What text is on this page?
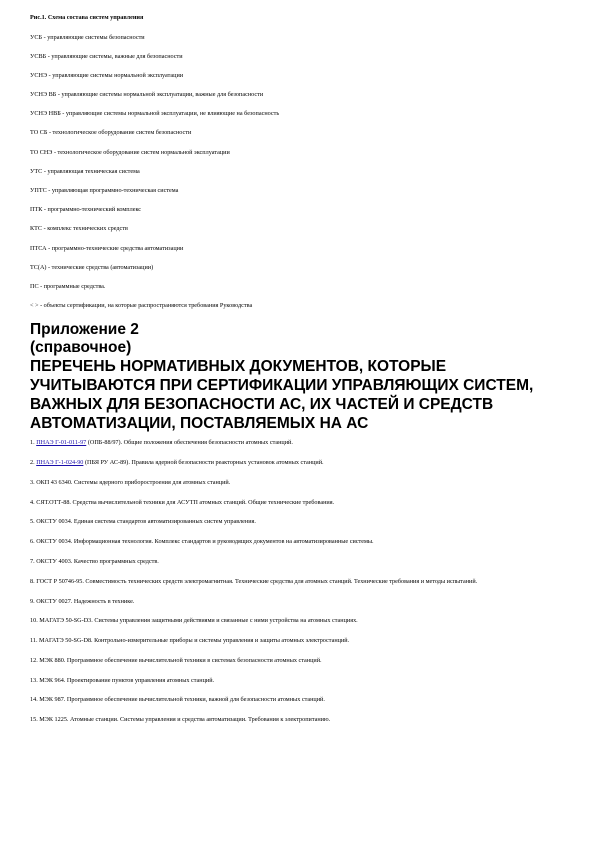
Рис.1. Схема состава систем управления
УСБ - управляющие системы безопасности
УСВБ - управляющие системы, важные для безопасности
УСНЭ - управляющие системы нормальной эксплуатации
УСНЭ ВБ - управляющие системы нормальной эксплуатации, важные для безопасности
УСНЭ НВБ - управляющие системы нормальной эксплуатации, не влияющие на безопасность
ТО СБ - технологическое оборудование систем безопасности
ТО СНЭ - технологическое оборудование систем нормальной эксплуатации
УТС - управляющая техническая система
УПТС - управляющая программно-техническая система
ПТК - программно-технический комплекс
КТС - комплекс технических средств
ПТСА - программно-технические средства автоматизации
ТС(А) - технические средства (автоматизации)
ПС - программные средства.
< > - объекты сертификации, на которые распространяются требования Руководства
Приложение 2
(справочное)
ПЕРЕЧЕНЬ НОРМАТИВНЫХ ДОКУМЕНТОВ, КОТОРЫЕ УЧИТЫВАЮТСЯ ПРИ СЕРТИФИКАЦИИ УПРАВЛЯЮЩИХ СИСТЕМ, ВАЖНЫХ ДЛЯ БЕЗОПАСНОСТИ АС, ИХ ЧАСТЕЙ И СРЕДСТВ АВТОМАТИЗАЦИИ, ПОСТАВЛЯЕМЫХ НА АС
1. ПНАЭ Г-01-011-97 (ОПБ-88/97). Общие положения обеспечения безопасности атомных станций.
2. ПНАЭ Г-1-024-90 (ПБЯ РУ АС-89). Правила ядерной безопасности реакторных установок атомных станций.
3. ОКП 43 6340. Системы ядерного приборостроения для атомных станций.
4. СЯТ.ОТТ-88. Средства вычислительной техники для АСУТП атомных станций. Общие технические требования.
5. ОКСТУ 0034. Единая система стандартов автоматизированных систем управления.
6. ОКСТУ 0034. Информационная технология. Комплекс стандартов и руководящих документов на автоматизированные системы.
7. ОКСТУ 4003. Качество программных средств.
8. ГОСТ Р 50746-95. Совместимость технических средств электромагнитная. Технические средства для атомных станций. Технические требования и методы испытаний.
9. ОКСТУ 0027. Надежность в технике.
10. МАГАТЭ 50-SG-D3. Системы управления защитными действиями и связанные с ними устройства на атомных станциях.
11. МАГАТЭ 50-SG-D8. Контрольно-измерительные приборы и системы управления и защиты атомных электростанций.
12. МЭК 880. Программное обеспечение вычислительной техники в системах безопасности атомных станций.
13. МЭК 964. Проектирование пунктов управления атомных станций.
14. МЭК 987. Программное обеспечение вычислительной техники, важной для безопасности атомных станций.
15. МЭК 1225. Атомные станции. Системы управления и средства автоматизации. Требования к электропитанию.
